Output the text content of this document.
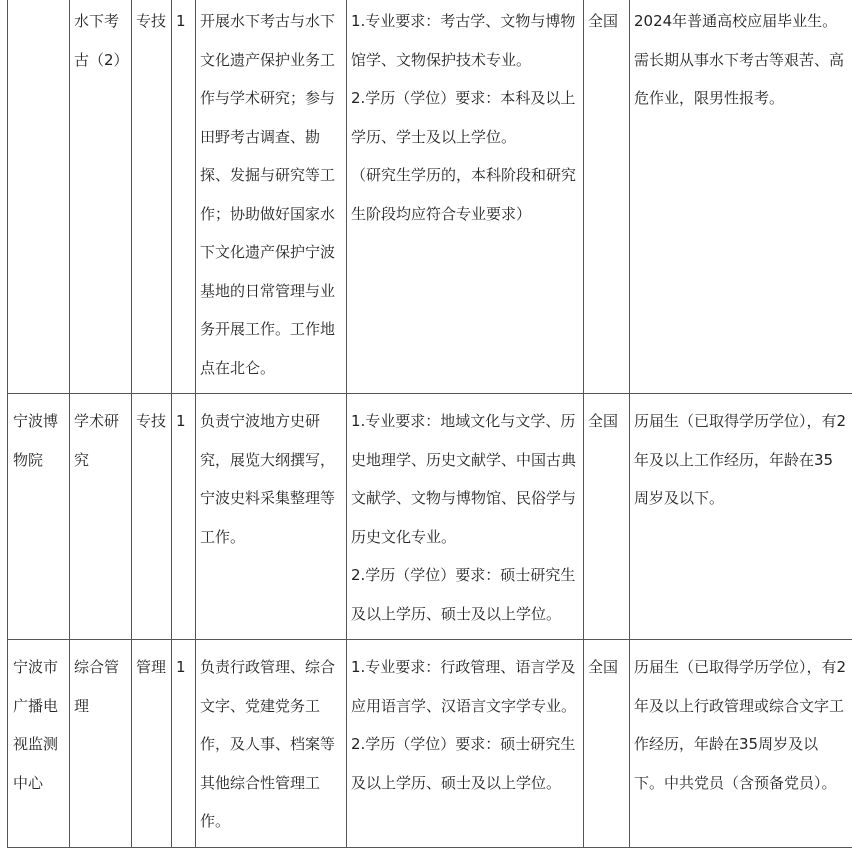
	水下考古（2）	专技	1	开展水下考古与水下文化遗产保护业务工作与学术研究；参与田野考古调查、勘探、发掘与研究等工作；协助做好国家水下文化遗产保护宁波基地的日常管理与业务开展工作。工作地点在北仑。	1.专业要求：考古学、文物与博物馆学、文物保护技术专业。

2.学历（学位）要求：本科及以上学历、学士及以上学位。

（研究生学历的，本科阶段和研究生阶段均应符合专业要求）	全国	2024年普通高校应届毕业生。需长期从事水下考古等艰苦、高危作业，限男性报考。
宁波博物院	学术研究	专技	1	负责宁波地方史研究，展览大纲撰写，宁波史料采集整理等工作。	1.专业要求：地域文化与文学、历史地理学、历史文献学、中国古典文献学、文物与博物馆、民俗学与历史文化专业。

2.学历（学位）要求：硕士研究生及以上学历、硕士及以上学位。	全国	历届生（已取得学历学位），有2年及以上工作经历，年龄在35周岁及以下。
宁波市广播电视监测中心	综合管理	管理	1	负责行政管理、综合文字、党建党务工作，及人事、档案等其他综合性管理工作。	1.专业要求：行政管理、语言学及应用语言学、汉语言文字学专业。

2.学历（学位）要求：硕士研究生及以上学历、硕士及以上学位。	全国	历届生（已取得学历学位），有2年及以上行政管理或综合文字工作经历，年龄在35周岁及以下。中共党员（含预备党员）。
